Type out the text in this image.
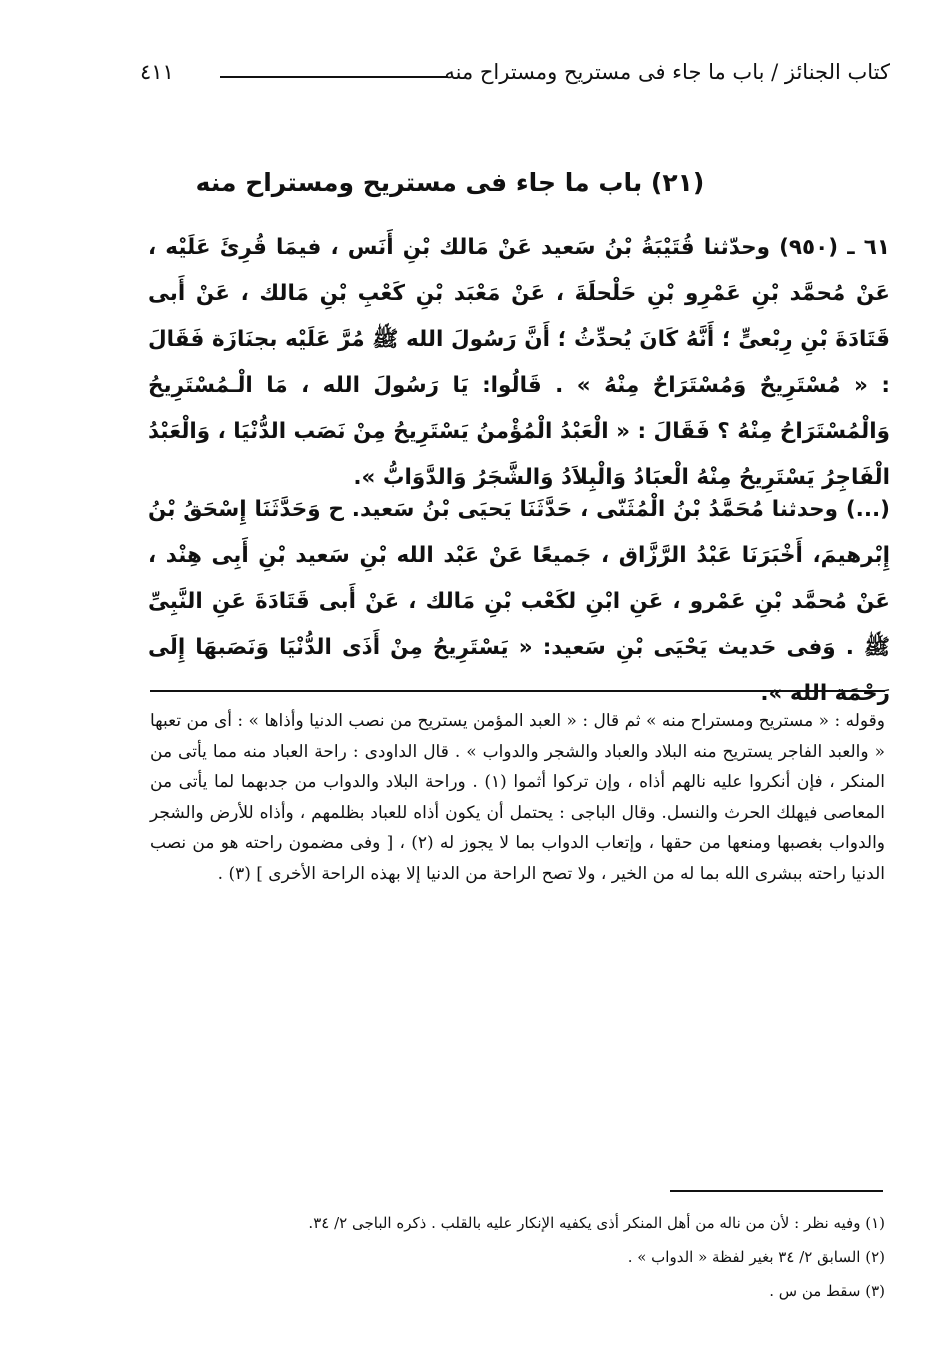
كتاب الجنائز / باب ما جاء فى مستريح ومستراح منه
٤١١
(٢١) باب ما جاء فى مستريح ومستراح منه
٦١ ـ (٩٥٠) وحدّثنا قُتَيْبَةُ بْنُ سَعيد عَنْ مَالك بْنِ أَنَس ، فيمَا قُرِئَ عَلَيْه ، عَنْ مُحمَّد بْنِ عَمْرِو بْنِ حَلْحلَةَ ، عَنْ مَعْبَد بْنِ كَعْبِ بْنِ مَالك ، عَنْ أَبى قَتَادَةَ بْنِ رِبْعىٍّ ؛ أَنَّهُ كَانَ يُحدِّثُ ؛ أَنَّ رَسُولَ الله ﷺ مُرَّ عَلَيْه بجنَازَة فَقَالَ : « مُسْتَرِيحٌ وَمُسْتَرَاحٌ مِنْهُ » . قَالُوا: يَا رَسُولَ الله ، مَا الْـمُسْتَرِيحُ وَالْمُسْتَرَاحُ مِنْهُ ؟ فَقَالَ : « الْعَبْدُ الْمُؤْمنُ يَسْتَرِيحُ مِنْ نَصَب الدُّنْيَا ، وَالْعَبْدُ الْفَاجِرُ يَسْتَرِيحُ مِنْهُ الْعبَادُ وَالْبِلاَدُ وَالشَّجَرُ وَالدَّوَابُّ ».
(...) وحدثنا مُحَمَّدُ بْنُ الْمُثَنّى ، حَدَّثَنَا يَحيَى بْنُ سَعيد. ح وَحَدَّثَنَا إِسْحَقُ بْنُ إِبْرهيمَ، أَخْبَرَنَا عَبْدُ الرَّزَّاق ، جَميعًا عَنْ عَبْد الله بْنِ سَعيد بْنِ أَبِى هِنْد ، عَنْ مُحمَّد بْنِ عَمْرو ، عَنِ ابْنِ لكَعْب بْنِ مَالك ، عَنْ أَبى قَتَادَةَ عَنِ النَّبِىِّ ﷺ . وَفى حَديث يَحْيَى بْنِ سَعيد: « يَسْتَرِيحُ مِنْ أَذَى الدُّنْيَا وَنَصَبهَا إِلَى رَحْمَة الله ».
وقوله : « مستريح ومستراح منه » ثم قال : « العبد المؤمن يستريح من نصب الدنيا وأذاها » : أى من تعبها « والعبد الفاجر يستريح منه البلاد والعباد والشجر والدواب » . قال الداودى : راحة العباد منه مما يأتى من المنكر ، فإن أنكروا عليه نالهم أذاه ، وإن تركوا أثموا (١) . وراحة البلاد والدواب من جدبهما لما يأتى من المعاصى فيهلك الحرث والنسل. وقال الباجى : يحتمل أن يكون أذاه للعباد بظلمهم ، وأذاه للأرض والشجر والدواب بغصبها ومنعها من حقها ، وإتعاب الدواب بما لا يجوز له (٢) ، [ وفى مضمون راحته هو من نصب الدنيا راحته ببشرى الله بما له من الخير ، ولا تصح الراحة من الدنيا إلا بهذه الراحة الأخرى ] (٣) .
(١) وفيه نظر : لأن من ناله من أهل المنكر أذى يكفيه الإنكار عليه بالقلب . ذكره الباجى ٢/ ٣٤.
(٢) السابق ٢/ ٣٤ بغير لفظة « الدواب » .
(٣) سقط من س .
